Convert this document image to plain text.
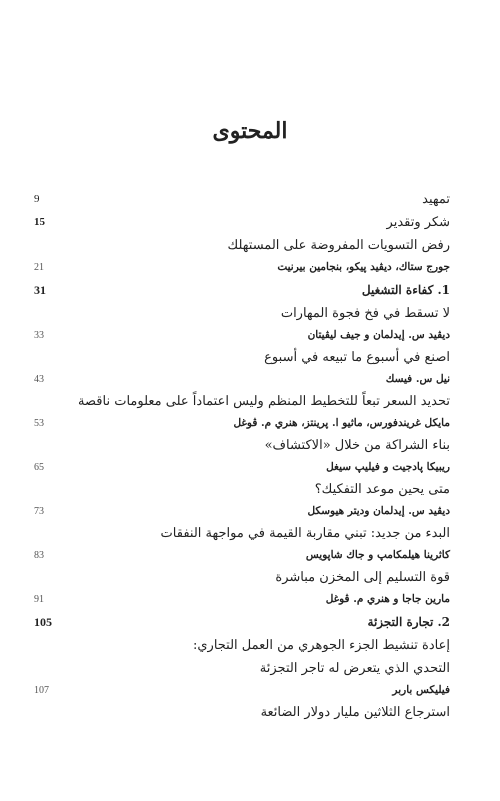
المحتوى
تمهيد
9
شكر وتقدير
15
رفض التسويات المفروضة على المستهلك
جورج ستاك، ديڤيد پيكو، بنجامين بيرنيت
21
1. كفاءة التشغيل
31
لا تسقط في فخ فجوة المهارات
ديڤيد س. إيدلمان و جيف ليڤيتان
33
اصنع في أسبوع ما تبيعه في أسبوع
نيل س. فيسك
43
تحديد السعر تبعاً للتخطيط المنظم وليس اعتماداً على معلومات ناقصة
مايكل غريندفورس، ماثيو ا. پرينتز، هنري م. ڤوغل
53
بناء الشراكة من خلال «الاكتشاف»
ريبيكا پادجيت و فيليپ سيغل
65
متى يحين موعد التفكيك؟
ديڤيد س. إيدلمان وديتر هيوسكل
73
البدء من جديد: تبني مقاربة القيمة في مواجهة النفقات
كاثرينا هيلمكامپ و جاك شاپويس
83
قوة التسليم إلى المخزن مباشرة
مارين جاجا و هنري م. ڤوغل
91
2. تجارة التجزئة
105
إعادة تنشيط الجزء الجوهري من العمل التجاري:
التحدي الذي يتعرض له تاجر التجزئة
فيليكس باربر
107
استرجاع الثلاثين مليار دولار الضائعة
